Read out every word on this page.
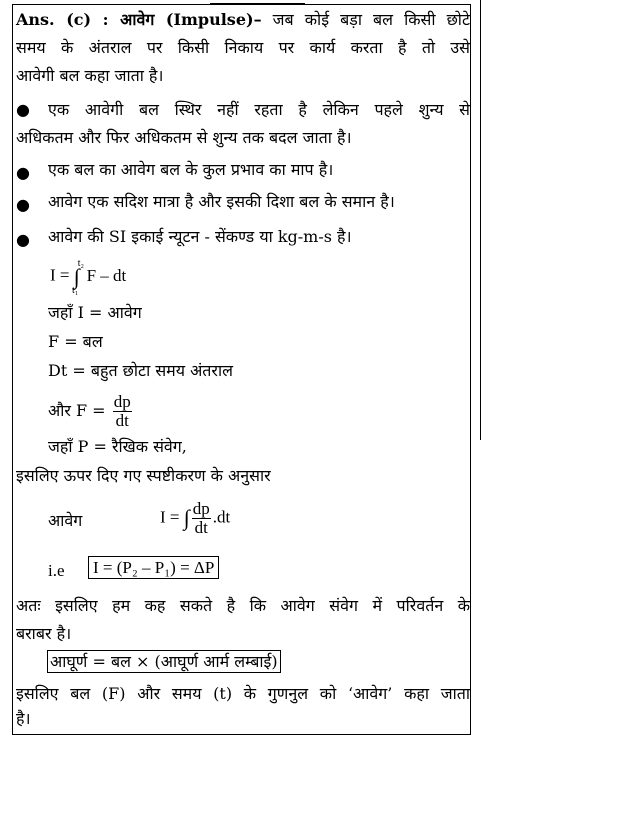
Ans. (c) : आवेग (Impulse)– जब कोई बड़ा बल किसी छोटे
समय के अंतराल पर किसी निकाय पर कार्य करता है तो उसे
आवेगी बल कहा जाता है।
● एक आवेगी बल स्थिर नहीं रहता है लेकिन पहले शुन्य से
अधिकतम और फिर अधिकतम से शुन्य तक बदल जाता है।
● एक बल का आवेग बल के कुल प्रभाव का माप है।
● आवेग एक सदिश मात्रा है और इसकी दिशा बल के समान है।
● आवेग की SI इकाई न्यूटन - सेंकण्ड या kg-m-s है।
I = ∫$^{t_2}_{t_1}$ F – dt
जहाँ I = आवेग
F = बल
Dt = बहुत छोटा समय अंतराल
और $F = \frac{dp}{dt}$
जहाँ P = रैखिक संवेग,
इसलिए ऊपर दिए गए स्पष्टीकरण के अनुसार
आवेग	I = ∫ $\frac{dp}{dt} .dt$
i.e I = (P₂ – P₁) = ΔP
अतः इसलिए हम कह सकते है कि आवेग संवेग में परिवर्तन के
बराबर है।
आघूर्ण = बल × (आघूर्ण आर्म लम्बाई)
इसलिए बल (F) और समय (t) के गुणनुल को ‘आवेग’ कहा जाता
है।
